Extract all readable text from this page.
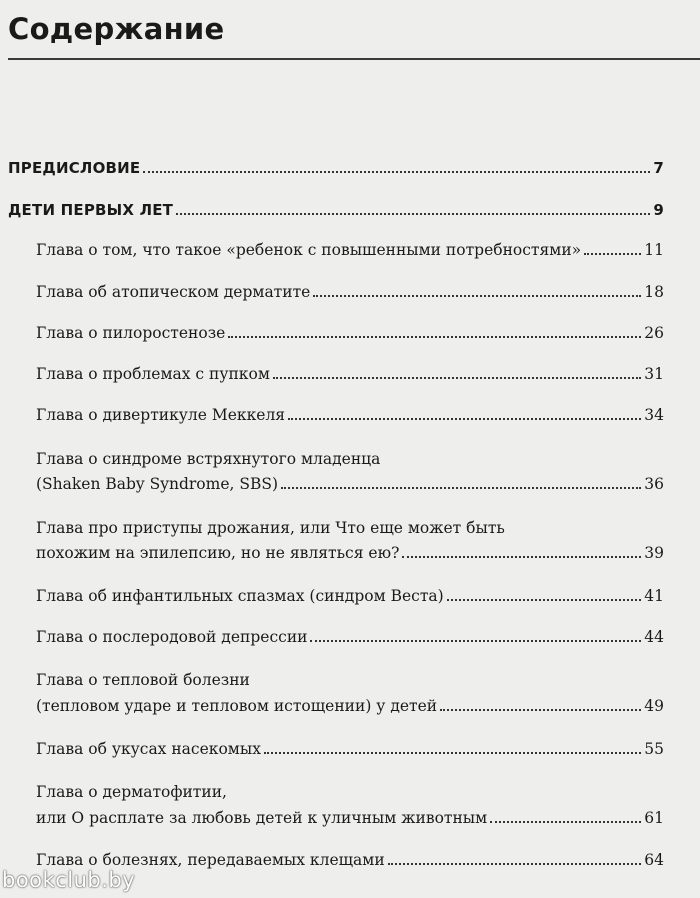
Содержание
ПРЕДИСЛОВИЕ	7
ДЕТИ ПЕРВЫХ ЛЕТ	9
Глава о том, что такое «ребенок с повышенными потребностями»	11
Глава об атопическом дерматите	18
Глава о пилоростенозе	26
Глава о проблемах с пупком	31
Глава о дивертикуле Меккеля	34
Глава о синдроме встряхнутого младенца
(Shaken Baby Syndrome, SBS)	36
Глава про приступы дрожания, или Что еще может быть
похожим на эпилепсию, но не являться ею?	39
Глава об инфантильных спазмах (синдром Веста)	41
Глава о послеродовой депрессии	44
Глава о тепловой болезни
(тепловом ударе и тепловом истощении) у детей	49
Глава об укусах насекомых	55
Глава о дерматофитии,
или О расплате за любовь детей к уличным животным	61
Глава о болезнях, передаваемых клещами	64
bookclub.by
